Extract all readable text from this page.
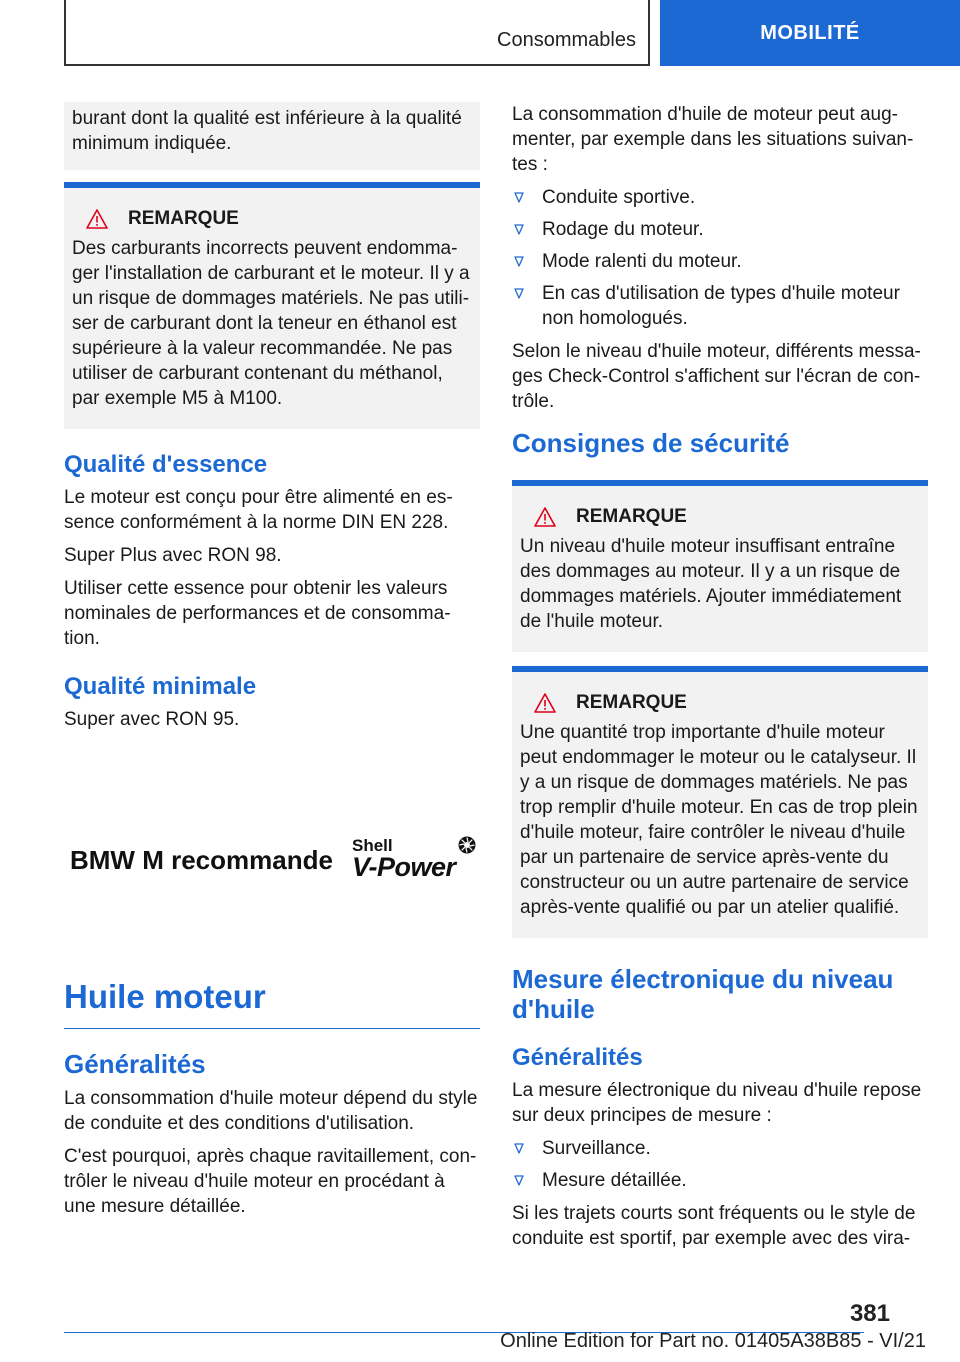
Consommables	MOBILITÉ
burant dont la qualité est inférieure à la qualité minimum indiquée.
REMARQUE
Des carburants incorrects peuvent endomma-ger l'installation de carburant et le moteur. Il y a un risque de dommages matériels. Ne pas utili-ser de carburant dont la teneur en éthanol est supérieure à la valeur recommandée. Ne pas utiliser de carburant contenant du méthanol, par exemple M5 à M100.
Qualité d'essence

Le moteur est conçu pour être alimenté en es-sence conformément à la norme DIN EN 228.

Super Plus avec RON 98.

Utiliser cette essence pour obtenir les valeurs nominales de performances et de consomma-tion.

Qualité minimale

Super avec RON 95.

BMW M recommande Shell
V-Power
Huile moteur
Généralités

La consommation d'huile moteur dépend du style de conduite et des conditions d'utilisation.

C'est pourquoi, après chaque ravitaillement, con-trôler le niveau d'huile moteur en procédant à une mesure détaillée.

La consommation d'huile de moteur peut aug-menter, par exemple dans les situations suivan-tes :

Conduite sportive.
Rodage du moteur.
Mode ralenti du moteur.
En cas d'utilisation de types d'huile moteur non homologués.

Selon le niveau d'huile moteur, différents messa-ges Check-Control s'affichent sur l'écran de con-trôle.

Consignes de sécurité
REMARQUE
Un niveau d'huile moteur insuffisant entraîne des dommages au moteur. Il y a un risque de dommages matériels. Ajouter immédiatement de l'huile moteur.
REMARQUE
Une quantité trop importante d'huile moteur peut endommager le moteur ou le catalyseur. Il y a un risque de dommages matériels. Ne pas trop remplir d'huile moteur. En cas de trop plein d'huile moteur, faire contrôler le niveau d'huile par un partenaire de service après-vente du constructeur ou un autre partenaire de service après-vente qualifié ou par un atelier qualifié.
Mesure électronique du niveau d'huile
Généralités

La mesure électronique du niveau d'huile repose sur deux principes de mesure :

Surveillance.
Mesure détaillée.

Si les trajets courts sont fréquents ou le style de conduite est sportif, par exemple avec des vira-

381
Online Edition for Part no. 01405A38B85 - VI/21
